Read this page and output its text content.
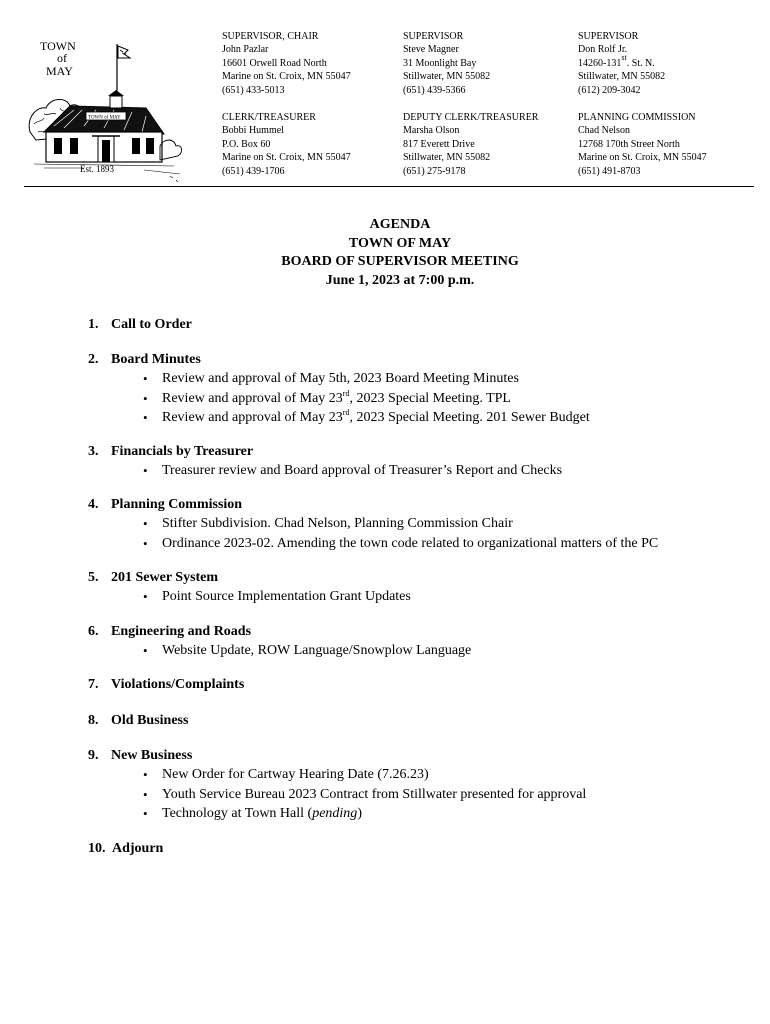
TOWN
of
MAY
Est. 1893
TOWN of MAY
SUPERVISOR, CHAIR
John Pazlar
16601 Orwell Road North
Marine on St. Croix, MN 55047
(651) 433-5013
SUPERVISOR
Steve Magner
31 Moonlight Bay
Stillwater, MN 55082
(651) 439-5366
SUPERVISOR
Don Rolf Jr.
14260-131st. St. N.
Stillwater, MN 55082
(612) 209-3042
CLERK/TREASURER
Bobbi Hummel
P.O. Box 60
Marine on St. Croix, MN 55047
(651) 439-1706
DEPUTY CLERK/TREASURER
Marsha Olson
817 Everett Drive
Stillwater, MN 55082
(651) 275-9178
PLANNING COMMISSION
Chad Nelson
12768 170th Street North
Marine on St. Croix, MN 55047
(651) 491-8703
AGENDA
TOWN OF MAY
BOARD OF SUPERVISOR MEETING
June 1, 2023 at 7:00 p.m.
1. Call to Order
2. Board Minutes
• Review and approval of May 5th, 2023 Board Meeting Minutes
• Review and approval of May 23rd, 2023 Special Meeting. TPL
• Review and approval of May 23rd, 2023 Special Meeting. 201 Sewer Budget
3. Financials by Treasurer
• Treasurer review and Board approval of Treasurer’s Report and Checks
4. Planning Commission
• Stifter Subdivision. Chad Nelson, Planning Commission Chair
• Ordinance 2023-02. Amending the town code related to organizational matters of the PC
5. 201 Sewer System
• Point Source Implementation Grant Updates
6. Engineering and Roads
• Website Update, ROW Language/Snowplow Language
7. Violations/Complaints
8. Old Business
9. New Business
• New Order for Cartway Hearing Date (7.26.23)
• Youth Service Bureau 2023 Contract from Stillwater presented for approval
• Technology at Town Hall (pending)
10. Adjourn
